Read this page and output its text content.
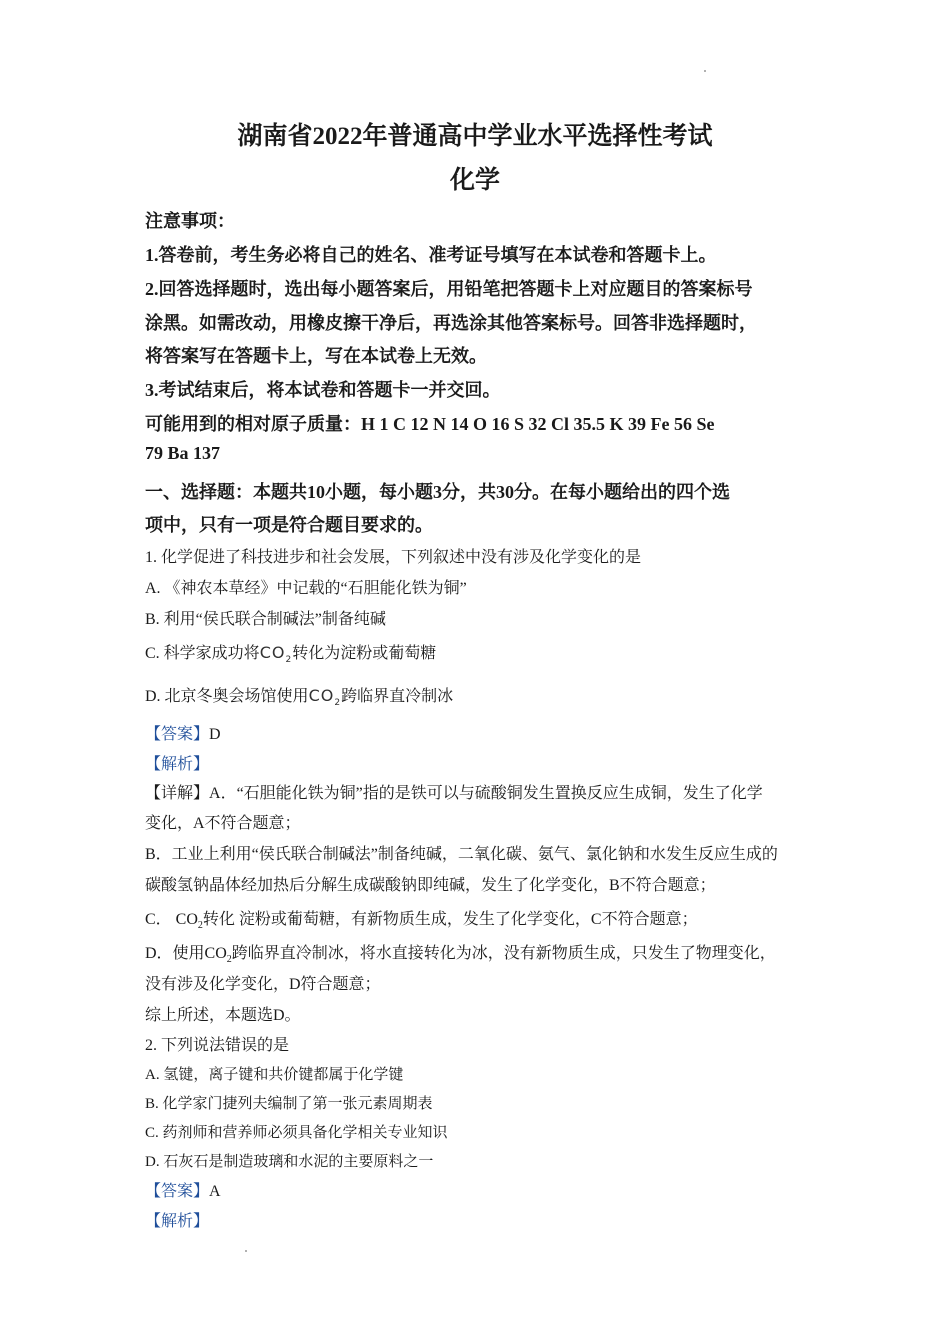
湖南省2022年普通高中学业水平选择性考试
化学
注意事项：
1.答卷前，考生务必将自己的姓名、准考证号填写在本试卷和答题卡上。
2.回答选择题时，选出每小题答案后，用铅笔把答题卡上对应题目的答案标号
涂黑。如需改动，用橡皮擦干净后，再选涂其他答案标号。回答非选择题时，
将答案写在答题卡上，写在本试卷上无效。
3.考试结束后，将本试卷和答题卡一并交回。
可能用到的相对原子质量：H 1 C 12 N 14 O 16 S 32 Cl 35.5 K 39 Fe 56 Se
79 Ba 137
一、选择题：本题共10小题，每小题3分，共30分。在每小题给出的四个选
项中，只有一项是符合题目要求的。
1. 化学促进了科技进步和社会发展，下列叙述中没有涉及化学变化的是
A. 《神农本草经》中记载的“石胆能化铁为铜”
B. 利用“侯氏联合制碱法”制备纯碱
C. 科学家成功将$CO_2$转化为淀粉或葡萄糖
D. 北京冬奥会场馆使用$CO_2$跨临界直冷制冰
【答案】D
【解析】
【详解】A．“石胆能化铁为铜”指的是铁可以与硫酸铜发生置换反应生成铜，发生了化学
变化，A不符合题意；
B．工业上利用“侯氏联合制碱法”制备纯碱，二氧化碳、氨气、氯化钠和水发生反应生成的
碳酸氢钠晶体经加热后分解生成碳酸钠即纯碱，发生了化学变化，B不符合题意；
C． $CO_2$转化 淀粉或葡萄糖，有新物质生成，发生了化学变化，C不符合题意；
D．使用$CO_2$跨临界直冷制冰，将水直接转化为冰，没有新物质生成，只发生了物理变化，
没有涉及化学变化，D符合题意；
综上所述，本题选D。
2. 下列说法错误的是
A. 氢键，离子键和共价键都属于化学键
B. 化学家门捷列夫编制了第一张元素周期表
C. 药剂师和营养师必须具备化学相关专业知识
D. 石灰石是制造玻璃和水泥的主要原料之一
【答案】A
【解析】
